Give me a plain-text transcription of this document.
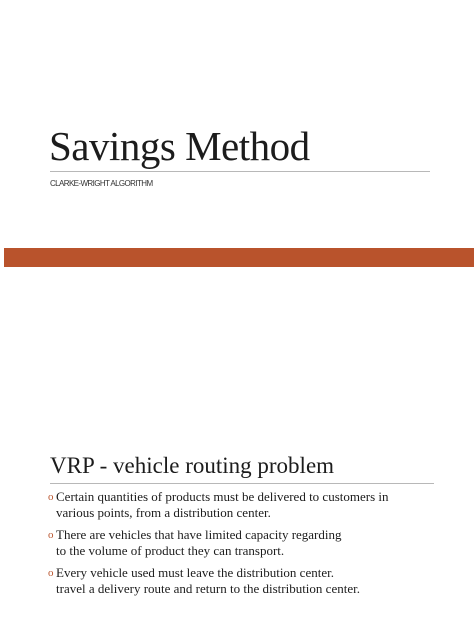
Savings Method
CLARKE-WRIGHT ALGORITHM
VRP - vehicle routing problem
o Certain quantities of products must be delivered to customers in
various points, from a distribution center.
o There are vehicles that have limited capacity regarding
to the volume of product they can transport.
o Every vehicle used must leave the distribution center.
travel a delivery route and return to the distribution center.
